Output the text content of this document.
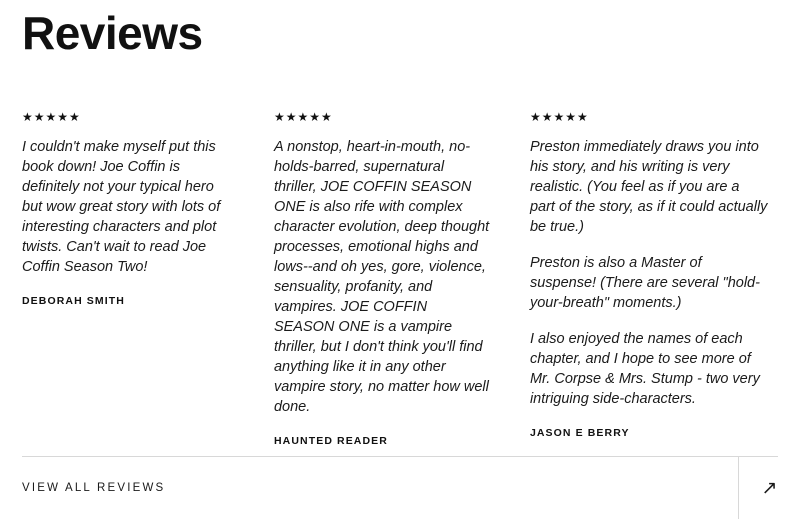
Reviews
★★★★★

I couldn't make myself put this book down! Joe Coffin is definitely not your typical hero but wow great story with lots of interesting characters and plot twists. Can't wait to read Joe Coffin Season Two!

DEBORAH SMITH
★★★★★

A nonstop, heart-in-mouth, no-holds-barred, supernatural thriller, JOE COFFIN SEASON ONE is also rife with complex character evolution, deep thought processes, emotional highs and lows--and oh yes, gore, violence, sensuality, profanity, and vampires. JOE COFFIN SEASON ONE is a vampire thriller, but I don't think you'll find anything like it in any other vampire story, no matter how well done.

HAUNTED READER
★★★★★

Preston immediately draws you into his story, and his writing is very realistic. (You feel as if you are a part of the story, as if it could actually be true.)

Preston is also a Master of suspense! (There are several "hold-your-breath" moments.)

I also enjoyed the names of each chapter, and I hope to see more of Mr. Corpse & Mrs. Stump - two very intriguing side-characters.

JASON E BERRY
VIEW ALL REVIEWS	↗
